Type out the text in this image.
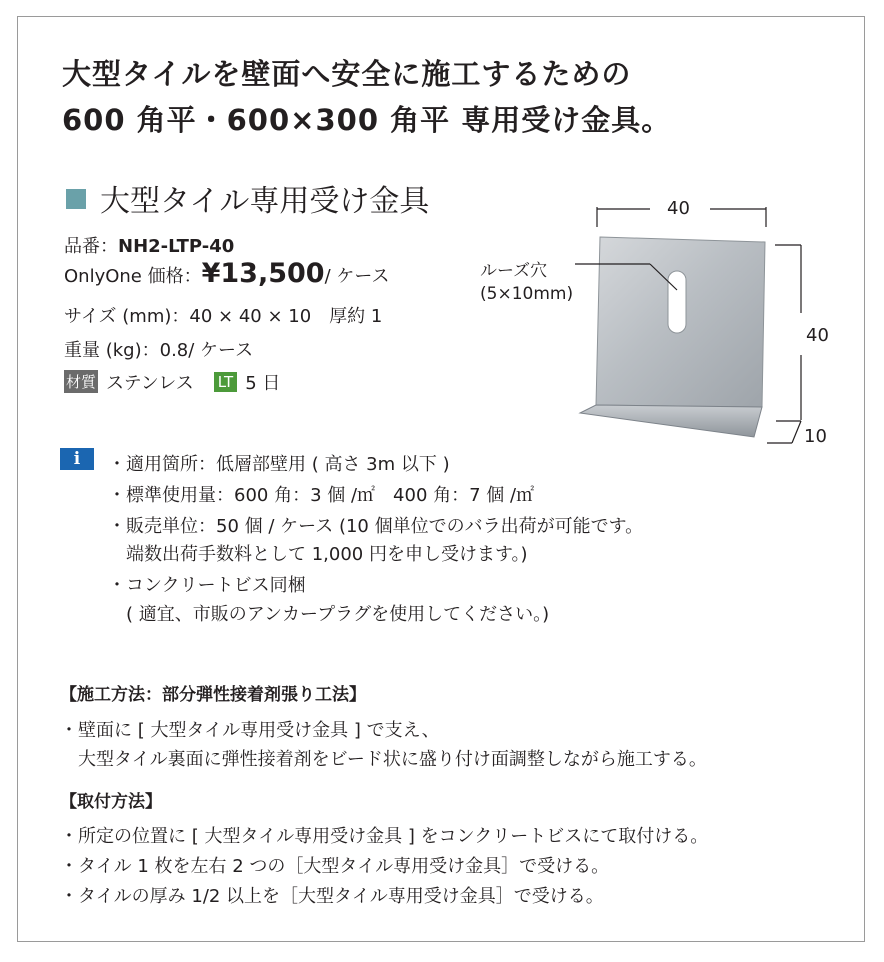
大型タイルを壁面へ安全に施工するための
600 角平・600×300 角平 専用受け金具。
大型タイル専用受け金具
品番：NH2-LTP-40
OnlyOne 価格：¥13,500/ ケース
サイズ (mm)：40 × 40 × 10　厚約 1
重量 (kg)：0.8/ ケース
材質 ステンレス LT 5 日
40
40
10
ルーズ穴
(5×10mm)
i	・適用箇所：低層部壁用 ( 高さ 3m 以下 )
・標準使用量：600 角：3 個 /㎡　400 角：7 個 /㎡
・販売単位：50 個 / ケース (10 個単位でのバラ出荷が可能です。
　端数出荷手数料として 1,000 円を申し受けます。)
・コンクリートビス同梱
　( 適宜、市販のアンカープラグを使用してください。)
【施工方法：部分弾性接着剤張り工法】
・壁面に [ 大型タイル専用受け金具 ] で支え、
　大型タイル裏面に弾性接着剤をビード状に盛り付け面調整しながら施工する。
【取付方法】
・所定の位置に [ 大型タイル専用受け金具 ] をコンクリートビスにて取付ける。
・タイル 1 枚を左右 2 つの［大型タイル専用受け金具］で受ける。
・タイルの厚み 1/2 以上を［大型タイル専用受け金具］で受ける。
